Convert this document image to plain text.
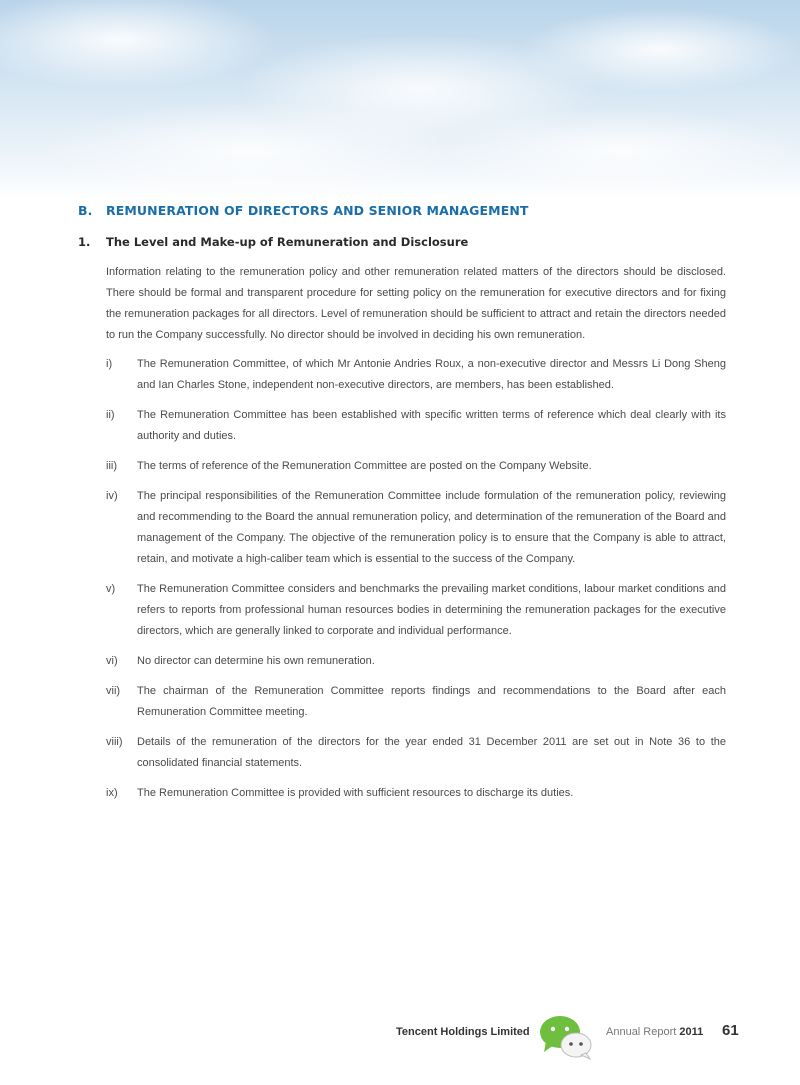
B. REMUNERATION OF DIRECTORS AND SENIOR MANAGEMENT
1. The Level and Make-up of Remuneration and Disclosure

Information relating to the remuneration policy and other remuneration related matters of the directors should be disclosed. There should be formal and transparent procedure for setting policy on the remuneration for executive directors and for fixing the remuneration packages for all directors. Level of remuneration should be sufficient to attract and retain the directors needed to run the Company successfully. No director should be involved in deciding his own remuneration.

i)	The Remuneration Committee, of which Mr Antonie Andries Roux, a non-executive director and Messrs Li Dong Sheng and Ian Charles Stone, independent non-executive directors, are members, has been established.
ii)	The Remuneration Committee has been established with specific written terms of reference which deal clearly with its authority and duties.
iii)	The terms of reference of the Remuneration Committee are posted on the Company Website.
iv)	The principal responsibilities of the Remuneration Committee include formulation of the remuneration policy, reviewing and recommending to the Board the annual remuneration policy, and determination of the remuneration of the Board and management of the Company. The objective of the remuneration policy is to ensure that the Company is able to attract, retain, and motivate a high-caliber team which is essential to the success of the Company.
v)	The Remuneration Committee considers and benchmarks the prevailing market conditions, labour market conditions and refers to reports from professional human resources bodies in determining the remuneration packages for the executive directors, which are generally linked to corporate and individual performance.
vi)	No director can determine his own remuneration.
vii)	The chairman of the Remuneration Committee reports findings and recommendations to the Board after each Remuneration Committee meeting.
viii)	Details of the remuneration of the directors for the year ended 31 December 2011 are set out in Note 36 to the consolidated financial statements.
ix)	The Remuneration Committee is provided with sufficient resources to discharge its duties.
Tencent Holdings Limited	Annual Report 2011 61
